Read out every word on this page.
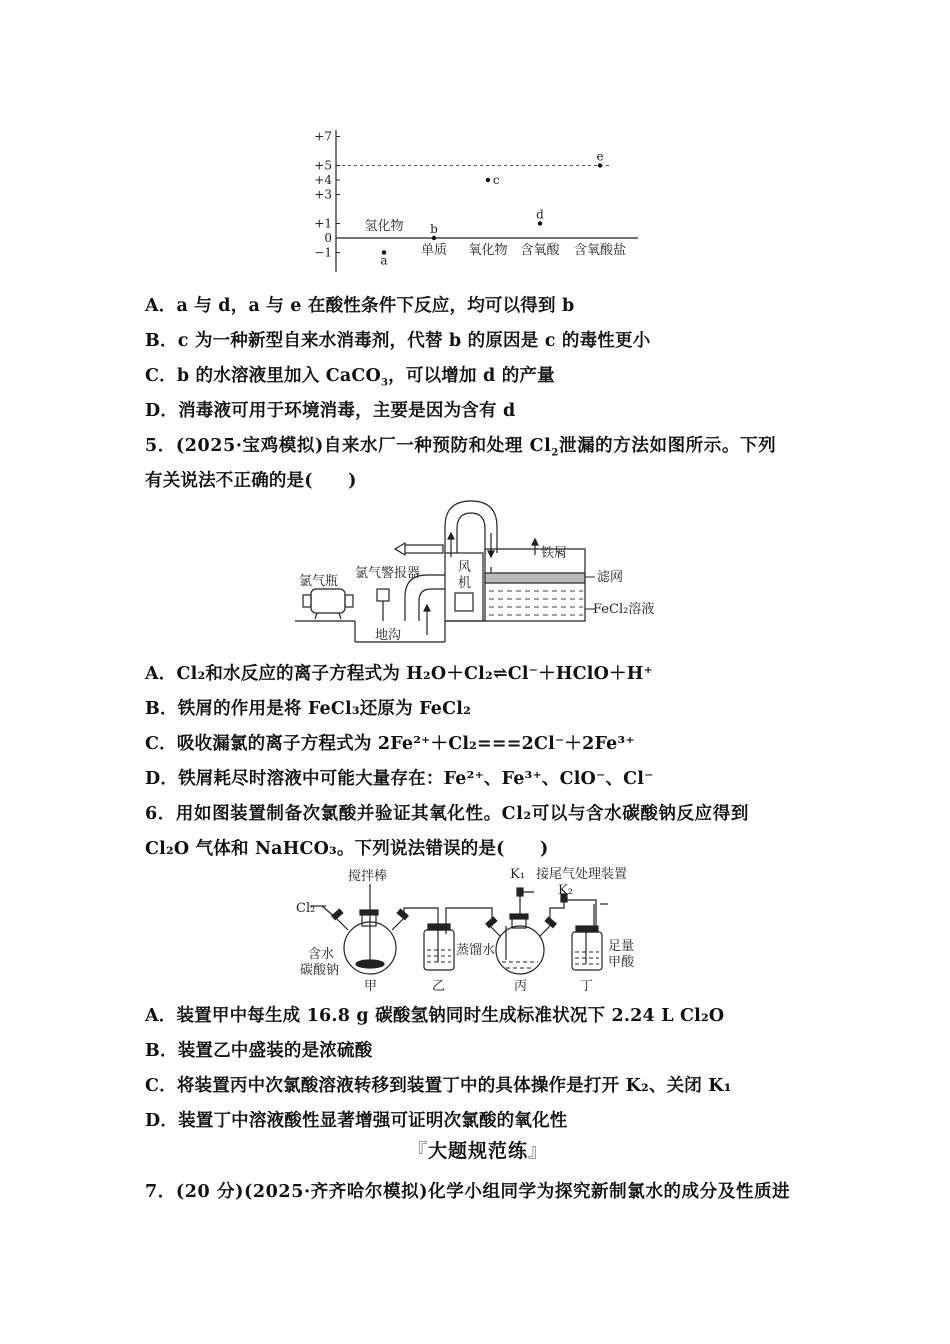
+7
+5
+4
+3
+1
0
−1
氢化物
单质 氧化物 含氧酸 含氧酸盐
a
b
c
d
e
A．a 与 d，a 与 e 在酸性条件下反应，均可以得到 b
B．c 为一种新型自来水消毒剂，代替 b 的原因是 c 的毒性更小
C．b 的水溶液里加入 CaCO$_3$，可以增加 d 的产量
D．消毒液可用于环境消毒，主要是因为含有 d
5．(2025·宝鸡模拟)自来水厂一种预防和处理 $Cl_2$泄漏的方法如图所示。下列
有关说法不正确的是(　　)
氯气瓶
氯气警报器
地沟
风
机
铁屑
滤网
FeCl₂溶液
A．Cl₂和水反应的离子方程式为 H₂O＋Cl₂⇌Cl⁻＋HClO＋H⁺
B．铁屑的作用是将 FeCl₃还原为 FeCl₂
C．吸收漏氯的离子方程式为 2Fe²⁺＋Cl₂===2Cl⁻＋2Fe³⁺
D．铁屑耗尽时溶液中可能大量存在：Fe²⁺、Fe³⁺、ClO⁻、Cl⁻
6．用如图装置制备次氯酸并验证其氧化性。Cl₂可以与含水碳酸钠反应得到
Cl₂O 气体和 NaHCO₃。下列说法错误的是(　　)
Cl₂
搅拌棒	K₁ 接尾气处理装置
K₂
含水
碳酸钠
蒸馏水	足量
甲酸
甲	乙	丙	丁
A．装置甲中每生成 16.8 g 碳酸氢钠同时生成标准状况下 2.24 L Cl₂O
B．装置乙中盛装的是浓硫酸
C．将装置丙中次氯酸溶液转移到装置丁中的具体操作是打开 K₂、关闭 K₁
D．装置丁中溶液酸性显著增强可证明次氯酸的氧化性
『大题规范练』
7．(20 分)(2025·齐齐哈尔模拟)化学小组同学为探究新制氯水的成分及性质进
